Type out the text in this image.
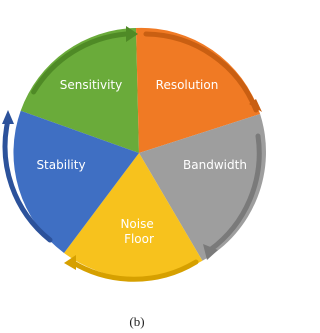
Sensitivity	Resolution
Bandwidth
Noise Floor
Stability
(b)
